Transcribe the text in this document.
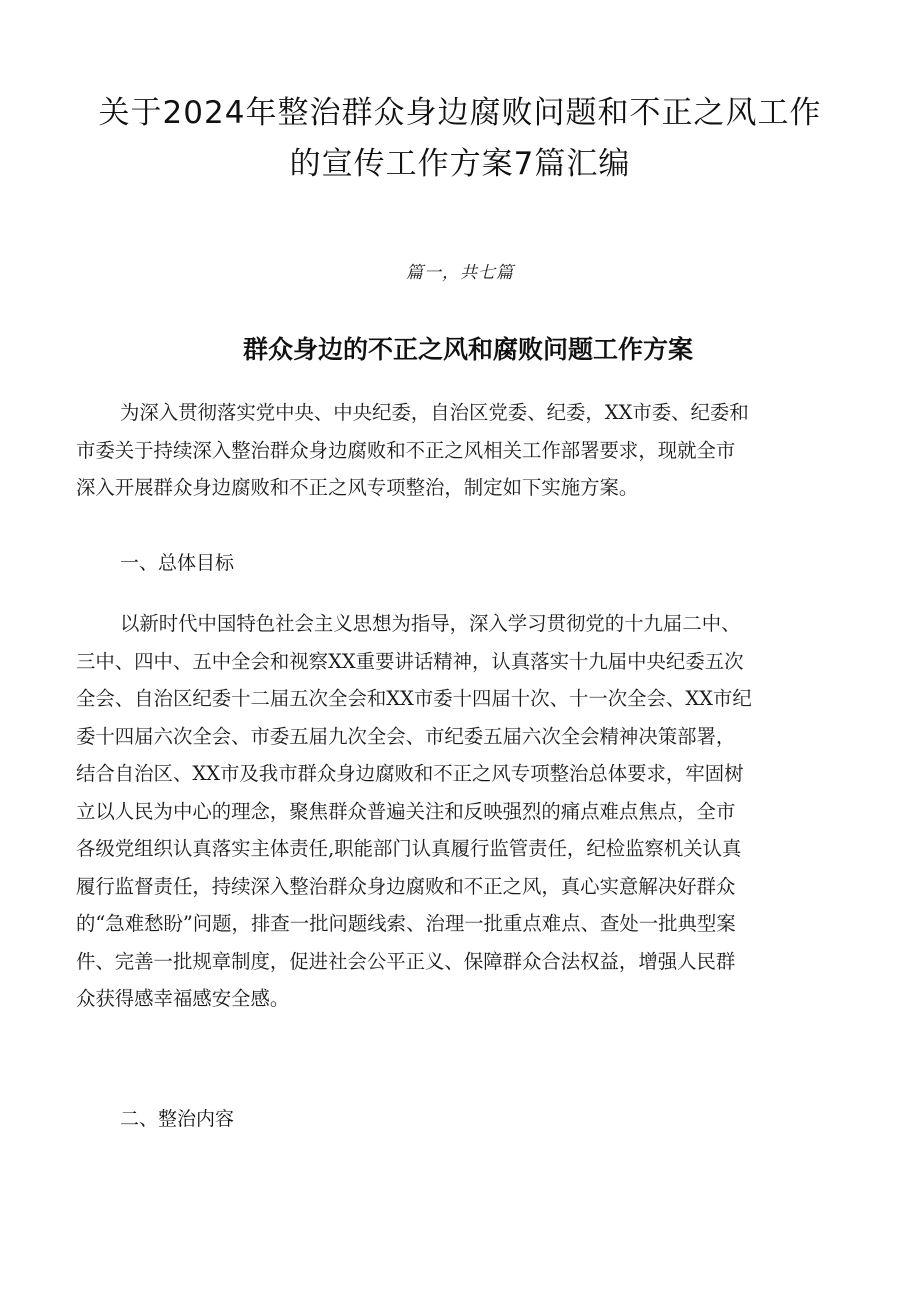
关于2024年整治群众身边腐败问题和不正之风工作
的宣传工作方案7篇汇编
篇一，共七篇
群众身边的不正之风和腐败问题工作方案

为深入贯彻落实党中央、中央纪委，自治区党委、纪委，XX市委、纪委和
市委关于持续深入整治群众身边腐败和不正之风相关工作部署要求，现就全市
深入开展群众身边腐败和不正之风专项整治，制定如下实施方案。

一、总体目标

以新时代中国特色社会主义思想为指导，深入学习贯彻党的十九届二中、
三中、四中、五中全会和视察XX重要讲话精神，认真落实十九届中央纪委五次
全会、自治区纪委十二届五次全会和XX市委十四届十次、十一次全会、XX市纪
委十四届六次全会、市委五届九次全会、市纪委五届六次全会精神决策部署，
结合自治区、XX市及我市群众身边腐败和不正之风专项整治总体要求，牢固树
立以人民为中心的理念，聚焦群众普遍关注和反映强烈的痛点难点焦点，全市
各级党组织认真落实主体责任,职能部门认真履行监管责任，纪检监察机关认真
履行监督责任，持续深入整治群众身边腐败和不正之风，真心实意解决好群众
的“急难愁盼”问题，排查一批问题线索、治理一批重点难点、查处一批典型案
件、完善一批规章制度，促进社会公平正义、保障群众合法权益，增强人民群
众获得感幸福感安全感。

二、整治内容
